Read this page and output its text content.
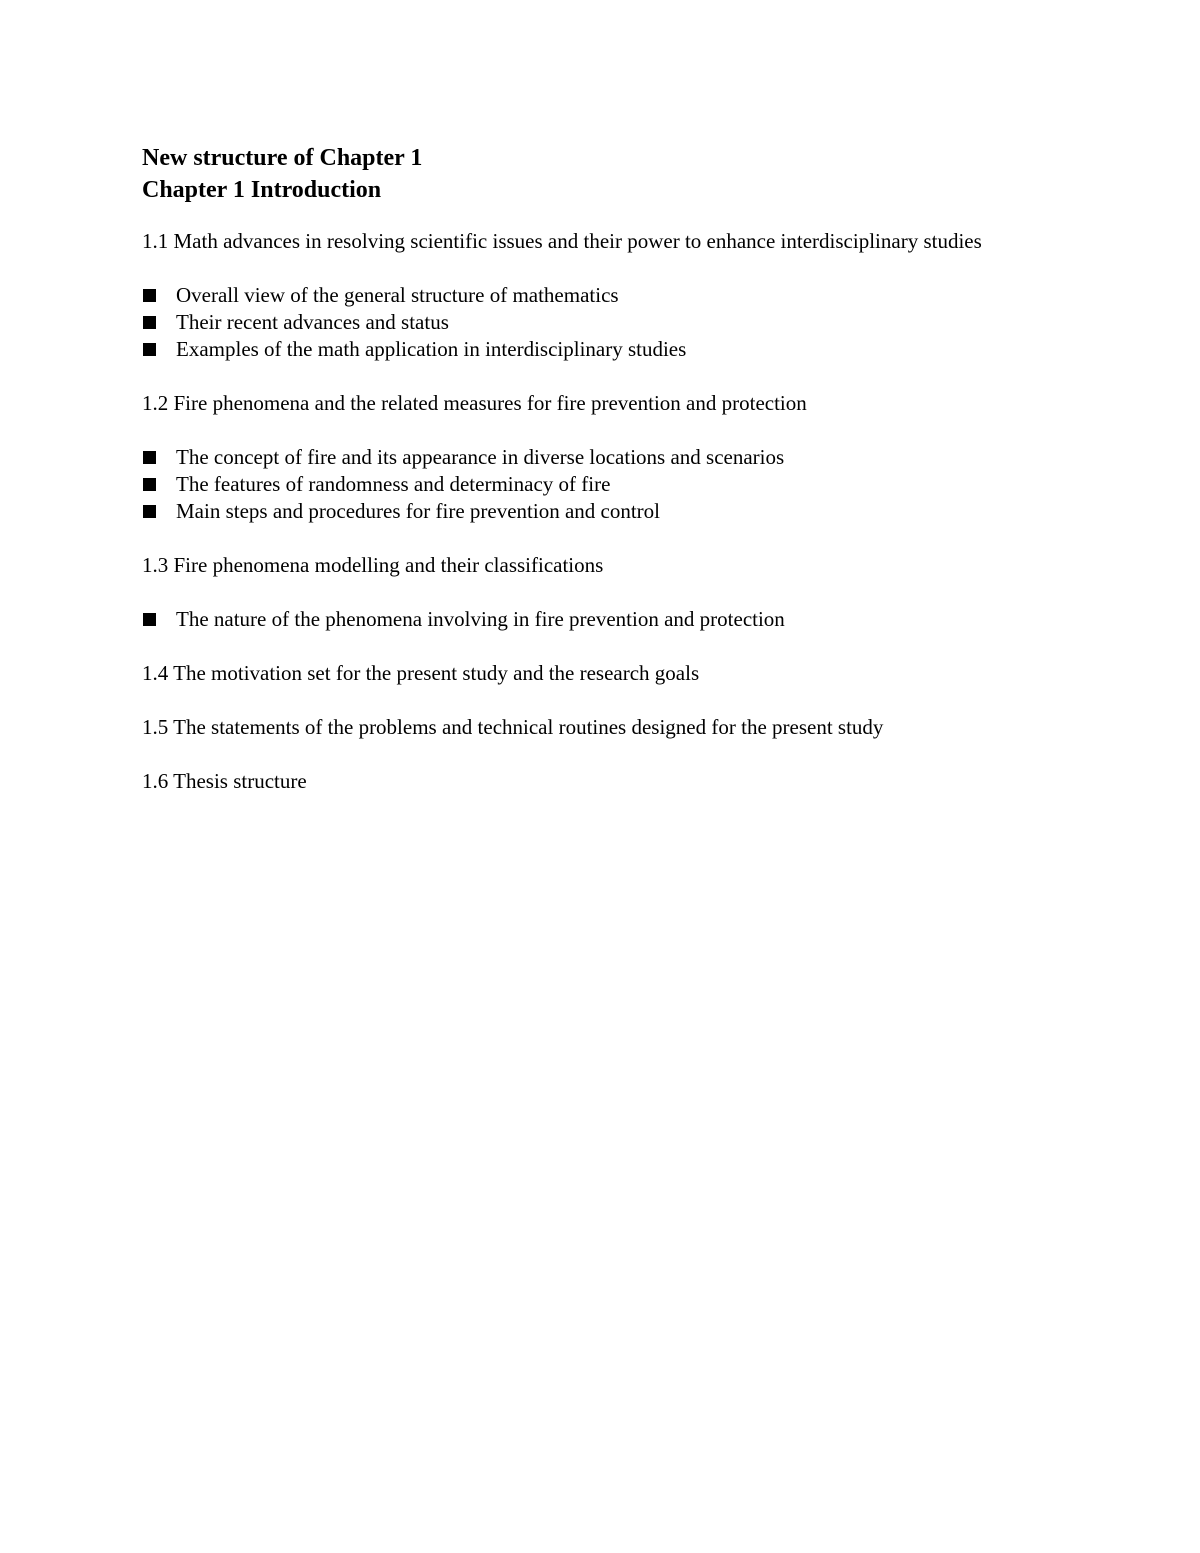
New structure of Chapter 1

Chapter 1 Introduction

1.1 Math advances in resolving scientific issues and their power to enhance interdisciplinary studies

Overall view of the general structure of mathematics
Their recent advances and status
Examples of the math application in interdisciplinary studies

1.2 Fire phenomena and the related measures for fire prevention and protection

The concept of fire and its appearance in diverse locations and scenarios
The features of randomness and determinacy of fire
Main steps and procedures for fire prevention and control

1.3 Fire phenomena modelling and their classifications

The nature of the phenomena involving in fire prevention and protection

1.4 The motivation set for the present study and the research goals

1.5 The statements of the problems and technical routines designed for the present study

1.6 Thesis structure
